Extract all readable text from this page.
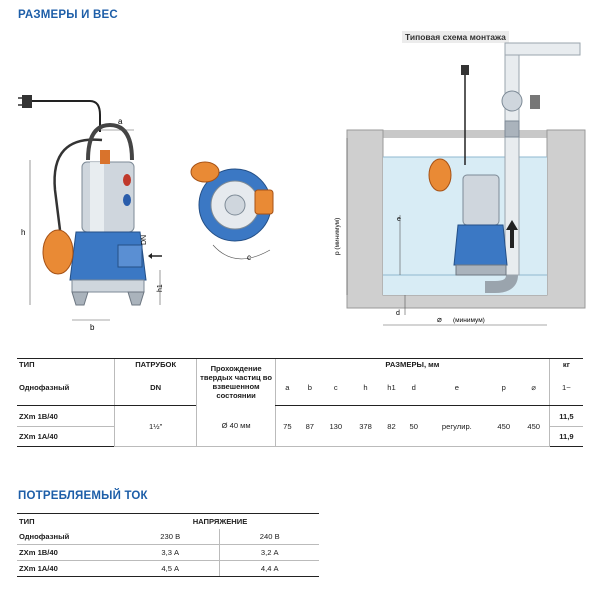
РАЗМЕРЫ И ВЕС
a
h
DN
h1
b
c
Типовая схема монтажа
p (минимум)	e
d
⌀ (минимум)
ТИП	ПАТРУБОК	Прохождение твердых частиц во взвешенном состоянии	РАЗМЕРЫ, мм									кг
Однофазный	DN		a	b	c	h	h1	d	e	p	⌀	1~
ZXm 1B/40	1½"	Ø 40 мм	75	87	130	378	82	50	регулир.	450	450	11,5
ZXm 1A/40												11,9
ПОТРЕБЛЯЕМЫЙ ТОК
ТИП	НАПРЯЖЕНИЕ	
Однофазный	230 В	240 В
ZXm 1B/40	3,3 А	3,2 А
ZXm 1A/40	4,5 А	4,4 А
